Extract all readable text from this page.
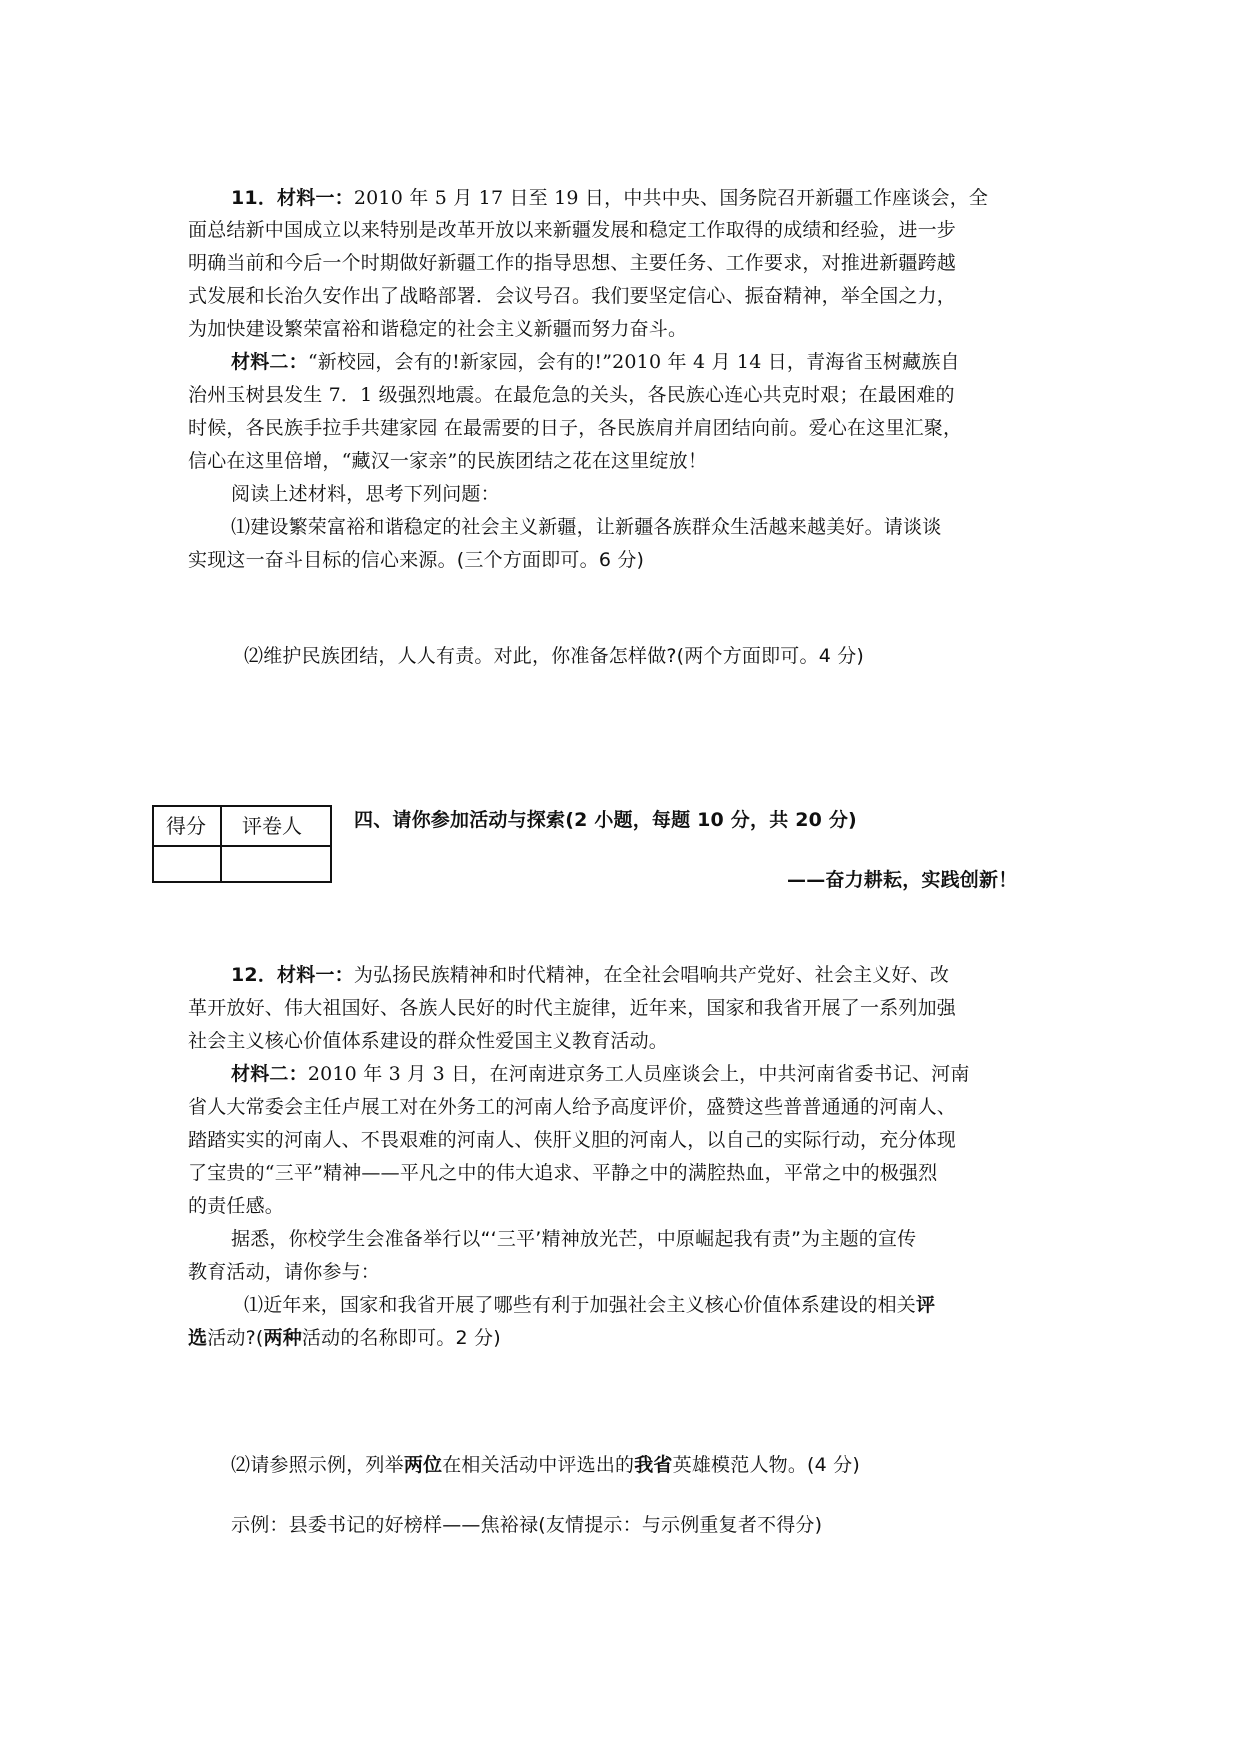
11．材料一：2010 年 5 月 17 日至 19 日，中共中央、国务院召开新疆工作座谈会，全
面总结新中国成立以来特别是改革开放以来新疆发展和稳定工作取得的成绩和经验，进一步
明确当前和今后一个时期做好新疆工作的指导思想、主要任务、工作要求，对推进新疆跨越
式发展和长治久安作出了战略部署．会议号召。我们要坚定信心、振奋精神，举全国之力，
为加快建设繁荣富裕和谐稳定的社会主义新疆而努力奋斗。
材料二：“新校园，会有的!新家园，会有的!”2010 年 4 月 14 日，青海省玉树藏族自
治州玉树县发生 7．1 级强烈地震。在最危急的关头，各民族心连心共克时艰；在最困难的
时候，各民族手拉手共建家园 在最需要的日子，各民族肩并肩团结向前。爱心在这里汇聚，
信心在这里倍增，“藏汉一家亲”的民族团结之花在这里绽放！
阅读上述材料，思考下列问题：
⑴建设繁荣富裕和谐稳定的社会主义新疆，让新疆各族群众生活越来越美好。请谈谈
实现这一奋斗目标的信心来源。(三个方面即可。6 分)
⑵维护民族团结，人人有责。对此，你准备怎样做?(两个方面即可。4 分)
得分 评卷人	四、请你参加活动与探索(2 小题，每题 10 分，共 20 分)
——奋力耕耘，实践创新！
12．材料一：为弘扬民族精神和时代精神，在全社会唱响共产党好、社会主义好、改
革开放好、伟大祖国好、各族人民好的时代主旋律，近年来，国家和我省开展了一系列加强
社会主义核心价值体系建设的群众性爱国主义教育活动。
材料二：2010 年 3 月 3 日，在河南进京务工人员座谈会上，中共河南省委书记、河南
省人大常委会主任卢展工对在外务工的河南人给予高度评价，盛赞这些普普通通的河南人、
踏踏实实的河南人、不畏艰难的河南人、侠肝义胆的河南人，以自己的实际行动，充分体现
了宝贵的“三平”精神——平凡之中的伟大追求、平静之中的满腔热血，平常之中的极强烈
的责任感。
据悉，你校学生会准备举行以“‘三平’精神放光芒，中原崛起我有责”为主题的宣传
教育活动，请你参与：
⑴近年来，国家和我省开展了哪些有利于加强社会主义核心价值体系建设的相关评
选活动?(两种活动的名称即可。2 分)
⑵请参照示例，列举两位在相关活动中评选出的我省英雄模范人物。(4 分)
示例：县委书记的好榜样——焦裕禄(友情提示：与示例重复者不得分)
